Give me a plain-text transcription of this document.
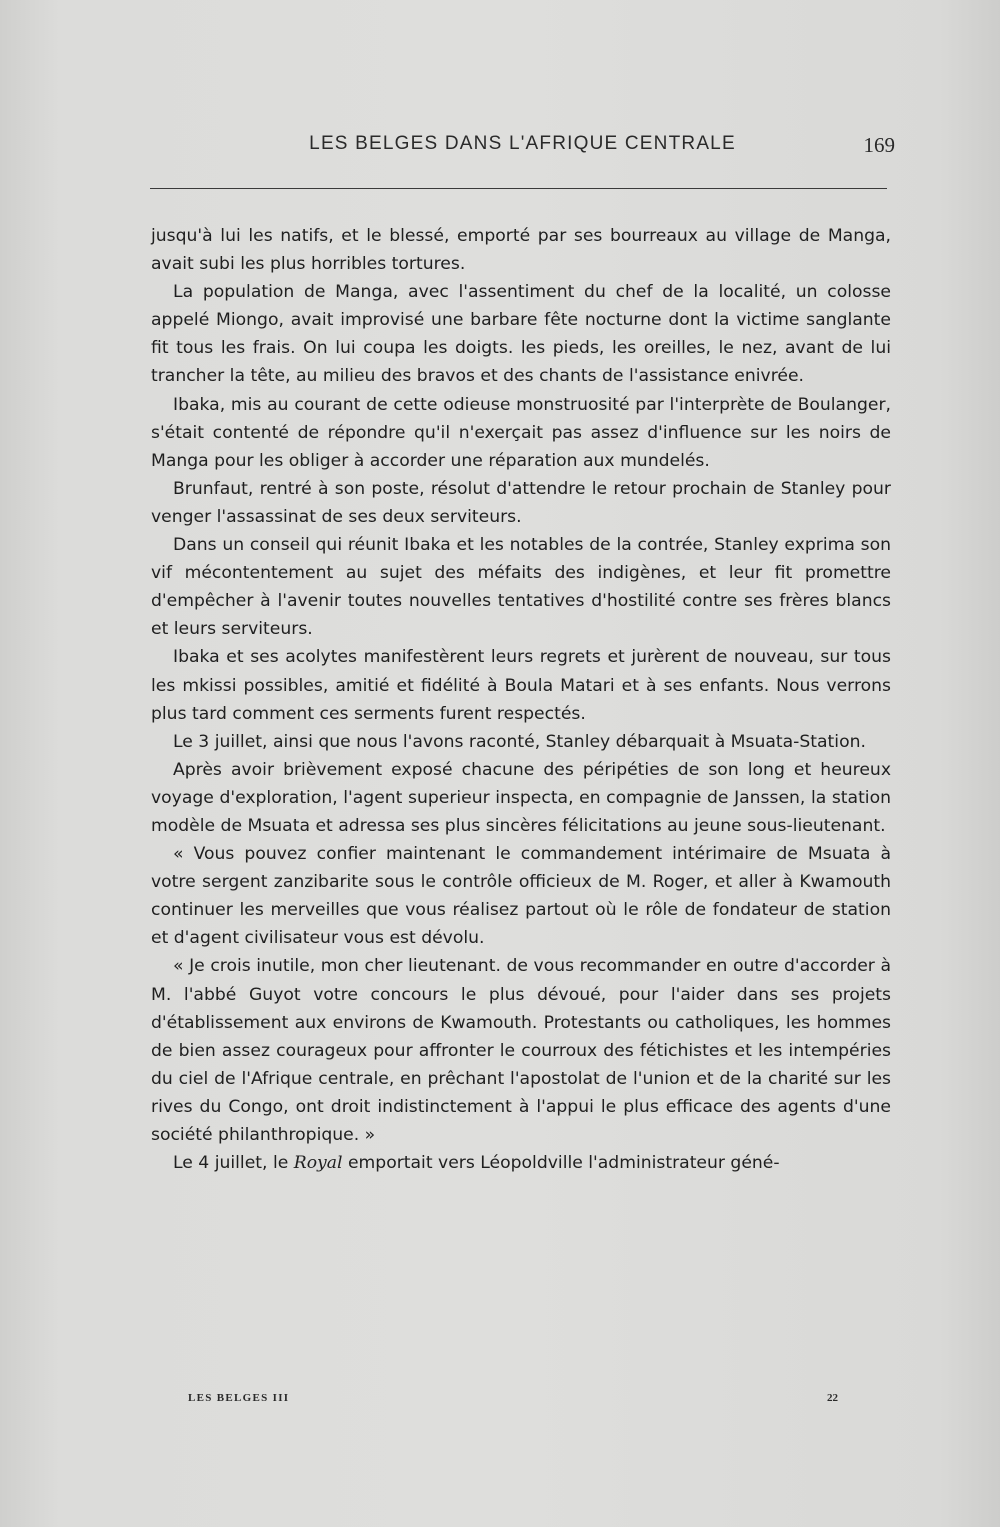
LES BELGES DANS L'AFRIQUE CENTRALE	169

jusqu'à lui les natifs, et le blessé, emporté par ses bourreaux au village de Manga, avait subi les plus horribles tortures.

La population de Manga, avec l'assentiment du chef de la localité, un colosse appelé Miongo, avait improvisé une barbare fête nocturne dont la victime sanglante fit tous les frais. On lui coupa les doigts. les pieds, les oreilles, le nez, avant de lui trancher la tête, au milieu des bravos et des chants de l'assistance enivrée.

Ibaka, mis au courant de cette odieuse monstruosité par l'interprète de Boulanger, s'était contenté de répondre qu'il n'exerçait pas assez d'influence sur les noirs de Manga pour les obliger à accorder une réparation aux mundelés.

Brunfaut, rentré à son poste, résolut d'attendre le retour prochain de Stanley pour venger l'assassinat de ses deux serviteurs.

Dans un conseil qui réunit Ibaka et les notables de la contrée, Stanley exprima son vif mécontentement au sujet des méfaits des indigènes, et leur fit promettre d'empêcher à l'avenir toutes nouvelles tentatives d'hostilité contre ses frères blancs et leurs serviteurs.

Ibaka et ses acolytes manifestèrent leurs regrets et jurèrent de nouveau, sur tous les mkissi possibles, amitié et fidélité à Boula Matari et à ses enfants. Nous verrons plus tard comment ces serments furent respectés.

Le 3 juillet, ainsi que nous l'avons raconté, Stanley débarquait à Msuata-Station.

Après avoir brièvement exposé chacune des péripéties de son long et heureux voyage d'exploration, l'agent superieur inspecta, en compagnie de Janssen, la station modèle de Msuata et adressa ses plus sincères félicitations au jeune sous-lieutenant.

« Vous pouvez confier maintenant le commandement intérimaire de Msuata à votre sergent zanzibarite sous le contrôle officieux de M. Roger, et aller à Kwamouth continuer les merveilles que vous réalisez partout où le rôle de fondateur de station et d'agent civilisateur vous est dévolu.

« Je crois inutile, mon cher lieutenant. de vous recommander en outre d'accorder à M. l'abbé Guyot votre concours le plus dévoué, pour l'aider dans ses projets d'établissement aux environs de Kwamouth. Protestants ou catholiques, les hommes de bien assez courageux pour affronter le courroux des fétichistes et les intempéries du ciel de l'Afrique centrale, en prêchant l'apostolat de l'union et de la charité sur les rives du Congo, ont droit indistinctement à l'appui le plus efficace des agents d'une société philanthropique. »

Le 4 juillet, le Royal emportait vers Léopoldville l'administrateur géné-

LES BELGES III	22
